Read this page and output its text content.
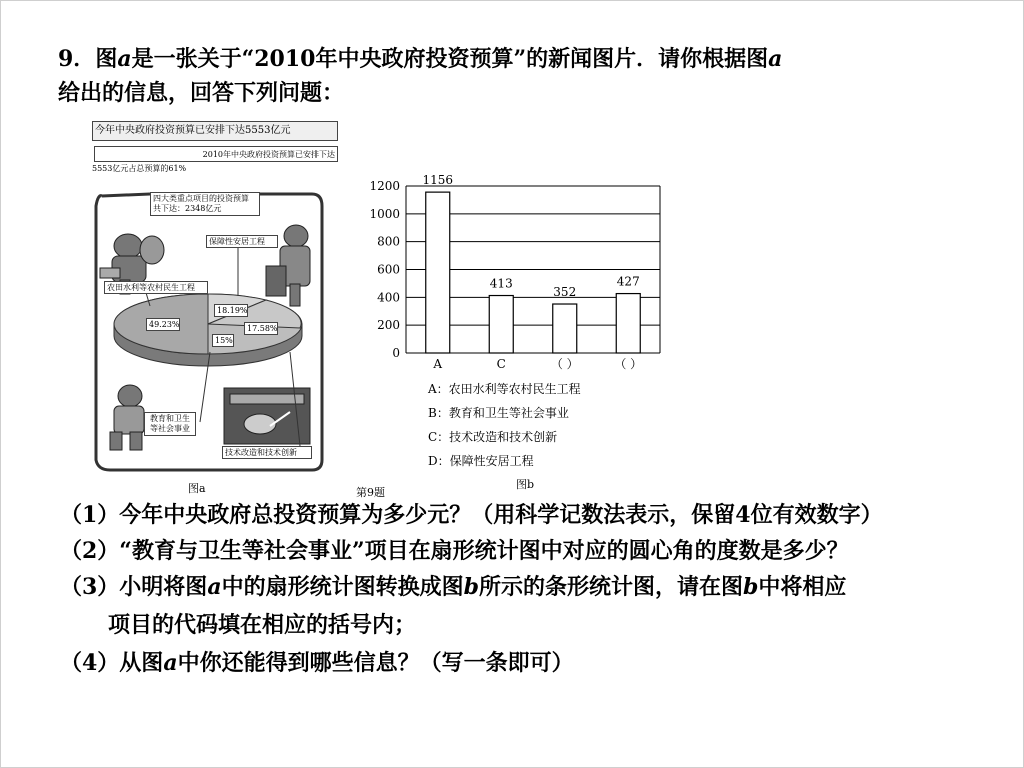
9．图a是一张关于“2010年中央政府投资预算”的新闻图片．请你根据图a
给出的信息，回答下列问题：
今年中央政府投资预算已安排下达5553亿元
2010年中央政府投资预算已安排下达
5553亿元占总预算的61%
四大类重点项目的投资预算
共下达：2348亿元
保障性安居工程
农田水利等农村民生工程
教育和卫生
等社会事业
技术改造和技术创新
49.23%
18.19%
17.58%
15%
图a	第9题
0
200
400
600
800
1000
1200 1156
A
413
C
352
（ ）
427
（ ）
A：农田水利等农村民生工程
B：教育和卫生等社会事业
C：技术改造和技术创新
D：保障性安居工程
图b
（1）今年中央政府总投资预算为多少元？（用科学记数法表示，保留4位有效数字）
（2）“教育与卫生等社会事业”项目在扇形统计图中对应的圆心角的度数是多少？
（3）小明将图a中的扇形统计图转换成图b所示的条形统计图，请在图b中将相应
项目的代码填在相应的括号内；
（4）从图a中你还能得到哪些信息？（写一条即可）
